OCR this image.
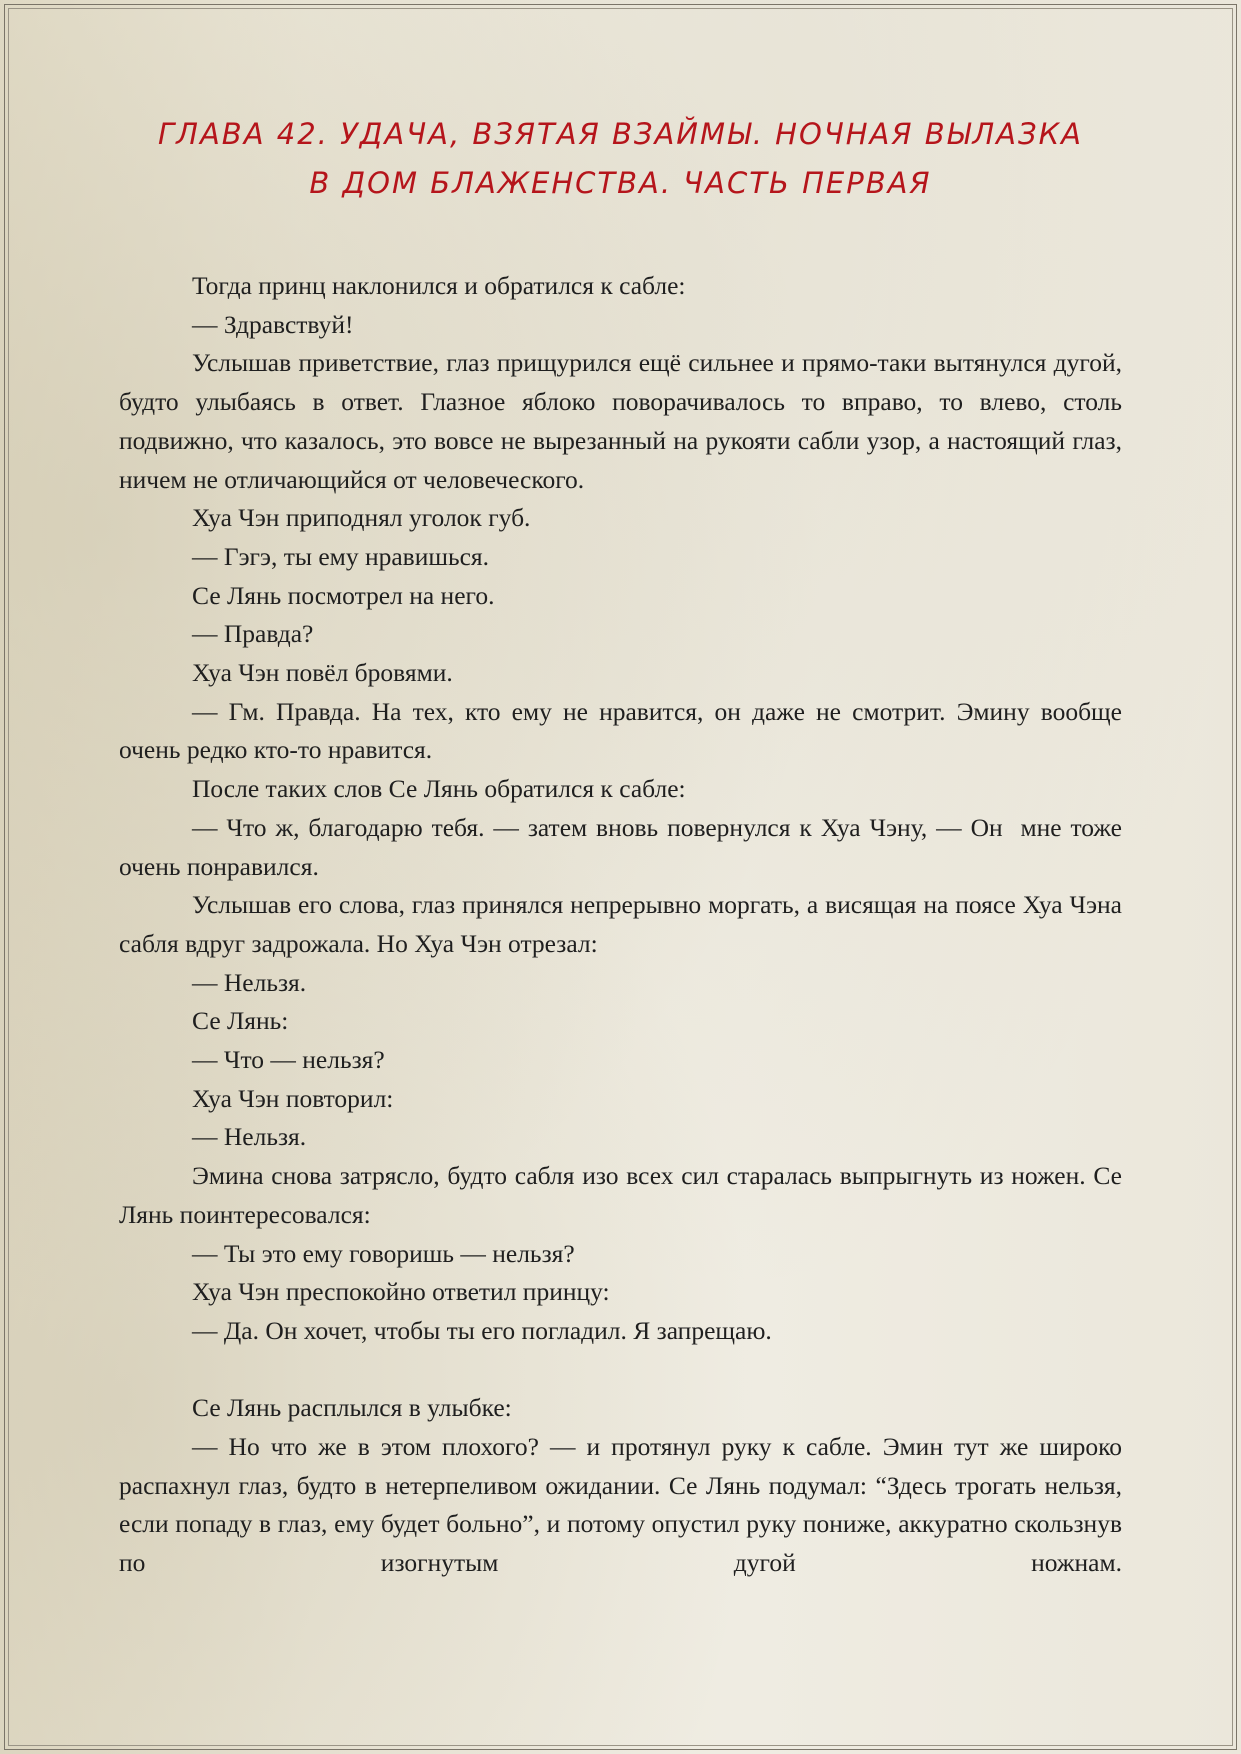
ГЛАВА 42. УДАЧА, ВЗЯТАЯ ВЗАЙМЫ. НОЧНАЯ ВЫЛАЗКА
В ДОМ БЛАЖЕНСТВА. ЧАСТЬ ПЕРВАЯ

Тогда принц наклонился и обратился к сабле:

— Здравствуй!

Услышав приветствие, глаз прищурился ещё сильнее и прямо-таки вытянулся дугой, будто улыбаясь в ответ. Глазное яблоко поворачивалось то вправо, то влево, столь подвижно, что казалось, это вовсе не вырезанный на рукояти сабли узор, а настоящий глаз, ничем не отличающийся от человеческого.

Хуа Чэн приподнял уголок губ.

— Гэгэ, ты ему нравишься.

Се Лянь посмотрел на него.

— Правда?

Хуа Чэн повёл бровями.

— Гм. Правда. На тех, кто ему не нравится, он даже не смотрит. Эмину вообще очень редко кто-то нравится.

После таких слов Се Лянь обратился к сабле:

— Что ж, благодарю тебя. — затем вновь повернулся к Хуа Чэну, — Он  мне тоже очень понравился.

Услышав его слова, глаз принялся непрерывно моргать, а висящая на поясе Хуа Чэна сабля вдруг задрожала. Но Хуа Чэн отрезал:

— Нельзя.

Се Лянь:

— Что — нельзя?

Хуа Чэн повторил:

— Нельзя.

Эмина снова затрясло, будто сабля изо всех сил старалась выпрыгнуть из ножен. Се Лянь поинтересовался:

— Ты это ему говоришь — нельзя?

Хуа Чэн преспокойно ответил принцу:

— Да. Он хочет, чтобы ты его погладил. Я запрещаю.

Се Лянь расплылся в улыбке:

— Но что же в этом плохого? — и протянул руку к сабле. Эмин тут же широко распахнул глаз, будто в нетерпеливом ожидании. Се Лянь подумал: “Здесь трогать нельзя, если попаду в глаз, ему будет больно”, и потому опустил руку пониже, аккуратно скользнув по изогнутым дугой ножнам.
